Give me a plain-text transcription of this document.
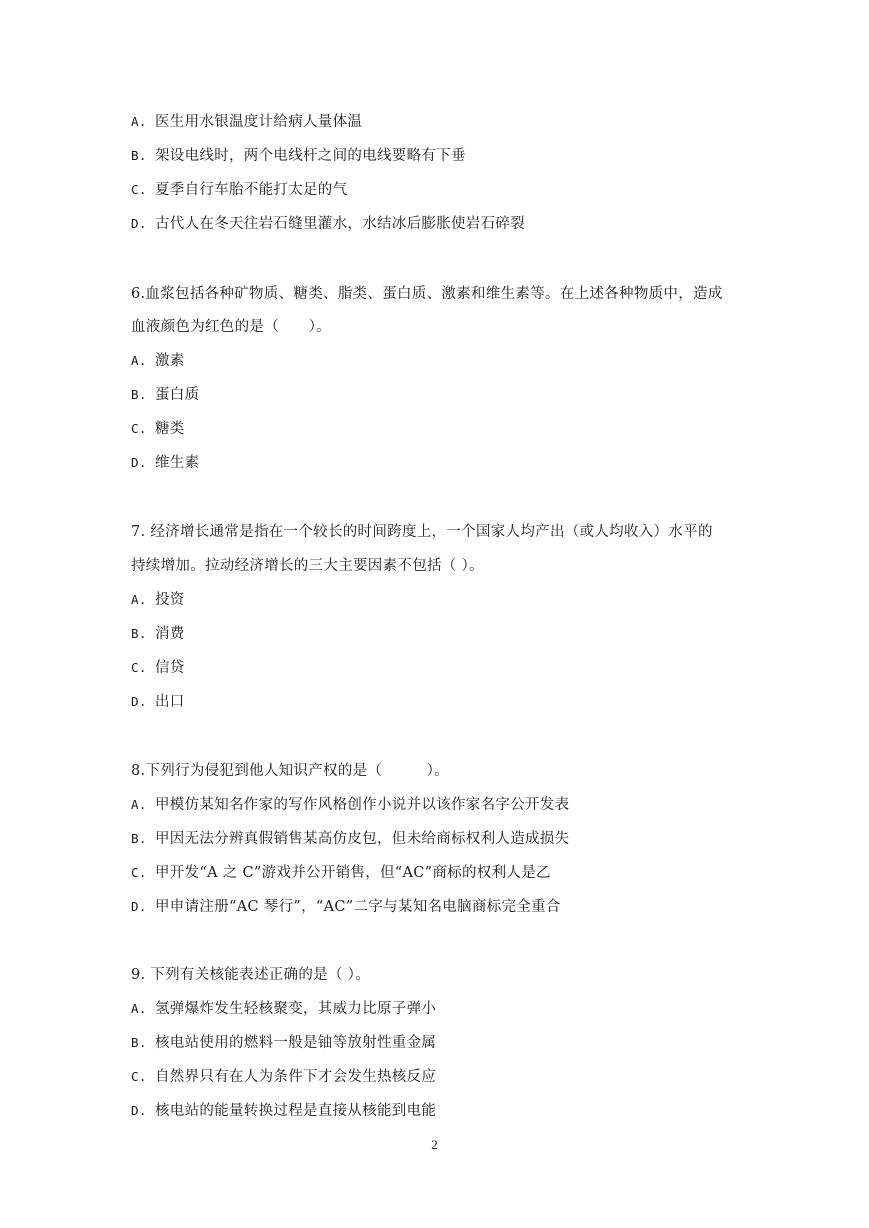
A. 医生用水银温度计给病人量体温
B. 架设电线时，两个电线杆之间的电线要略有下垂
C. 夏季自行车胎不能打太足的气
D. 古代人在冬天往岩石缝里灌水，水结冰后膨胀使岩石碎裂
6.血浆包括各种矿物质、糖类、脂类、蛋白质、激素和维生素等。在上述各种物质中，造成
血液颜色为红色的是（　　）。
A. 激素
B. 蛋白质
C. 糖类
D. 维生素
7. 经济增长通常是指在一个较长的时间跨度上，一个国家人均产出（或人均收入）水平的
持续增加。拉动经济增长的三大主要因素不包括（ ）。
A. 投资
B. 消费
C. 信贷
D. 出口
8.下列行为侵犯到他人知识产权的是（　　　）。
A. 甲模仿某知名作家的写作风格创作小说并以该作家名字公开发表
B. 甲因无法分辨真假销售某高仿皮包，但未给商标权利人造成损失
C. 甲开发“A 之 C”游戏并公开销售，但“AC”商标的权利人是乙
D. 甲申请注册“AC 琴行”，“AC”二字与某知名电脑商标完全重合
9. 下列有关核能表述正确的是（ ）。
A. 氢弹爆炸发生轻核聚变，其威力比原子弹小
B. 核电站使用的燃料一般是铀等放射性重金属
C. 自然界只有在人为条件下才会发生热核反应
D. 核电站的能量转换过程是直接从核能到电能
2
